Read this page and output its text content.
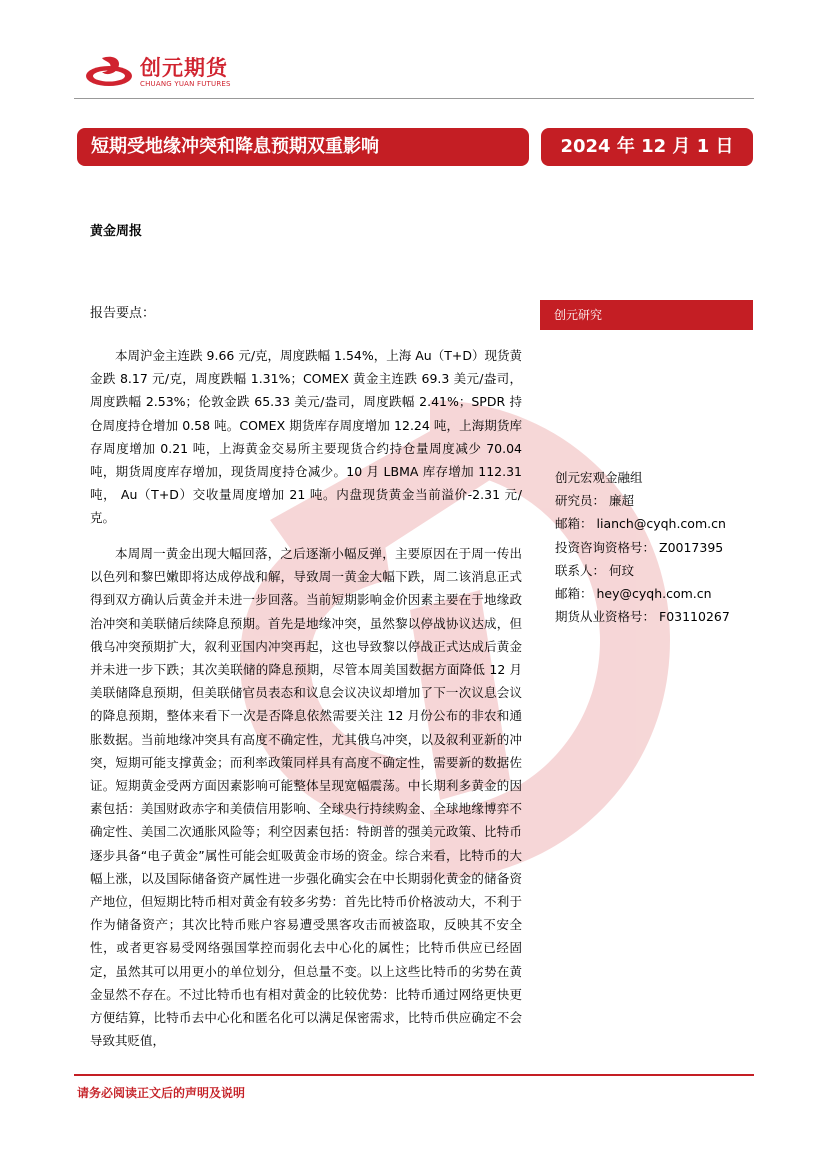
创元期货
CHUANG YUAN FUTURES
短期受地缘冲突和降息预期双重影响	2024 年 12 月 1 日
黄金周报
报告要点：

本周沪金主连跌 9.66 元/克，周度跌幅 1.54%，上海 Au（T+D）现货黄金跌 8.17 元/克，周度跌幅 1.31%；COMEX 黄金主连跌 69.3 美元/盎司，周度跌幅 2.53%；伦敦金跌 65.33 美元/盎司，周度跌幅 2.41%；SPDR 持仓周度持仓增加 0.58 吨。COMEX 期货库存周度增加 12.24 吨，上海期货库存周度增加 0.21 吨，上海黄金交易所主要现货合约持仓量周度减少 70.04 吨，期货周度库存增加，现货周度持仓减少。10 月 LBMA 库存增加 112.31 吨， Au（T+D）交收量周度增加 21 吨。内盘现货黄金当前溢价-2.31 元/克。

本周周一黄金出现大幅回落，之后逐渐小幅反弹，主要原因在于周一传出以色列和黎巴嫩即将达成停战和解，导致周一黄金大幅下跌，周二该消息正式得到双方确认后黄金并未进一步回落。当前短期影响金价因素主要在于地缘政治冲突和美联储后续降息预期。首先是地缘冲突，虽然黎以停战协议达成，但俄乌冲突预期扩大，叙利亚国内冲突再起，这也导致黎以停战正式达成后黄金并未进一步下跌；其次美联储的降息预期，尽管本周美国数据方面降低 12 月美联储降息预期，但美联储官员表态和议息会议决议却增加了下一次议息会议的降息预期，整体来看下一次是否降息依然需要关注 12 月份公布的非农和通胀数据。当前地缘冲突具有高度不确定性，尤其俄乌冲突，以及叙利亚新的冲突，短期可能支撑黄金；而利率政策同样具有高度不确定性，需要新的数据佐证。短期黄金受两方面因素影响可能整体呈现宽幅震荡。中长期利多黄金的因素包括：美国财政赤字和美债信用影响、全球央行持续购金、全球地缘博弈不确定性、美国二次通胀风险等；利空因素包括：特朗普的强美元政策、比特币逐步具备“电子黄金”属性可能会虹吸黄金市场的资金。综合来看，比特币的大幅上涨，以及国际储备资产属性进一步强化确实会在中长期弱化黄金的储备资产地位，但短期比特币相对黄金有较多劣势：首先比特币价格波动大，不利于作为储备资产；其次比特币账户容易遭受黑客攻击而被盗取，反映其不安全性，或者更容易受网络强国掌控而弱化去中心化的属性；比特币供应已经固定，虽然其可以用更小的单位划分，但总量不变。以上这些比特币的劣势在黄金显然不存在。不过比特币也有相对黄金的比较优势：比特币通过网络更快更方便结算，比特币去中心化和匿名化可以满足保密需求，比特币供应确定不会导致其贬值，

创元研究
创元宏观金融组
研究员： 廉超
邮箱： lianch@cyqh.com.cn
投资咨询资格号： Z0017395
联系人： 何玟
邮箱： hey@cyqh.com.cn
期货从业资格号： F03110267
请务必阅读正文后的声明及说明
